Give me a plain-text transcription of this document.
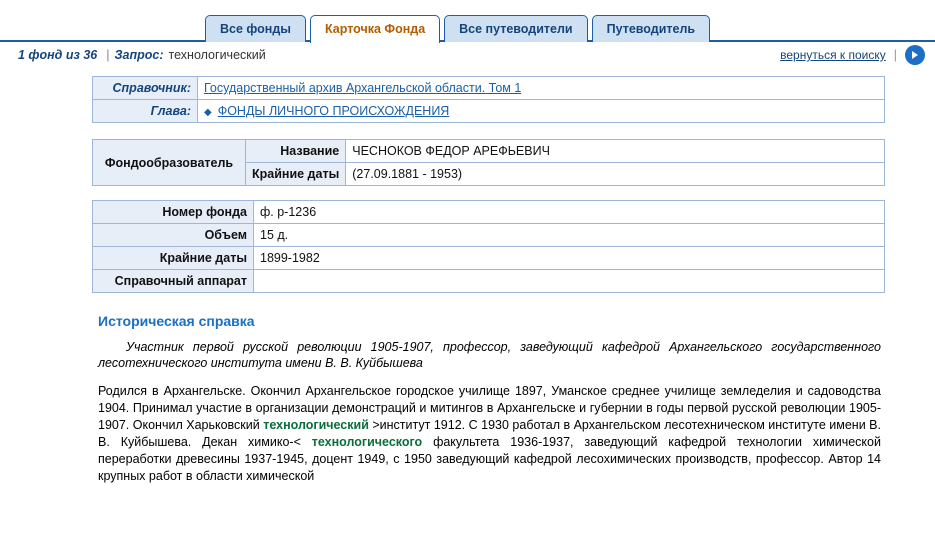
Все фонды	Карточка Фонда	Все путеводители	Путеводитель
1 фонд из 36 | Запрос: технологический	вернуться к поиску |
Справочник:	Государственный архив Архангельской области. Том 1
Глава:	◆ ФОНДЫ ЛИЧНОГО ПРОИСХОЖДЕНИЯ
Фондообразователь	Название	ЧЕСНОКОВ ФЕДОР АРЕФЬЕВИЧ
	Крайние даты	(27.09.1881 - 1953)
Номер фонда	ф. р-1236
Объем	15 д.
Крайние даты	1899-1982
Справочный аппарат	
Историческая справка
Участник первой русской революции 1905-1907, профессор, заведующий кафедрой Архангельского государственного лесотехнического института имени В. В. Куйбышева
Родился в Архангельске. Окончил Архангельское городское училище 1897, Уманское среднее училище земледелия и садоводства 1904. Принимал участие в организации демонстраций и митингов в Архангельске и губернии в годы первой русской революции 1905-1907. Окончил Харьковский технологический >институт 1912. С 1930 работал в Архангельском лесотехническом институте имени В. В. Куйбышева. Декан химико-< технологического факультета 1936-1937, заведующий кафедрой технологии химической переработки древесины 1937-1945, доцент 1949, с 1950 заведующий кафедрой лесохимических производств, профессор. Автор 14 крупных работ в области химической
